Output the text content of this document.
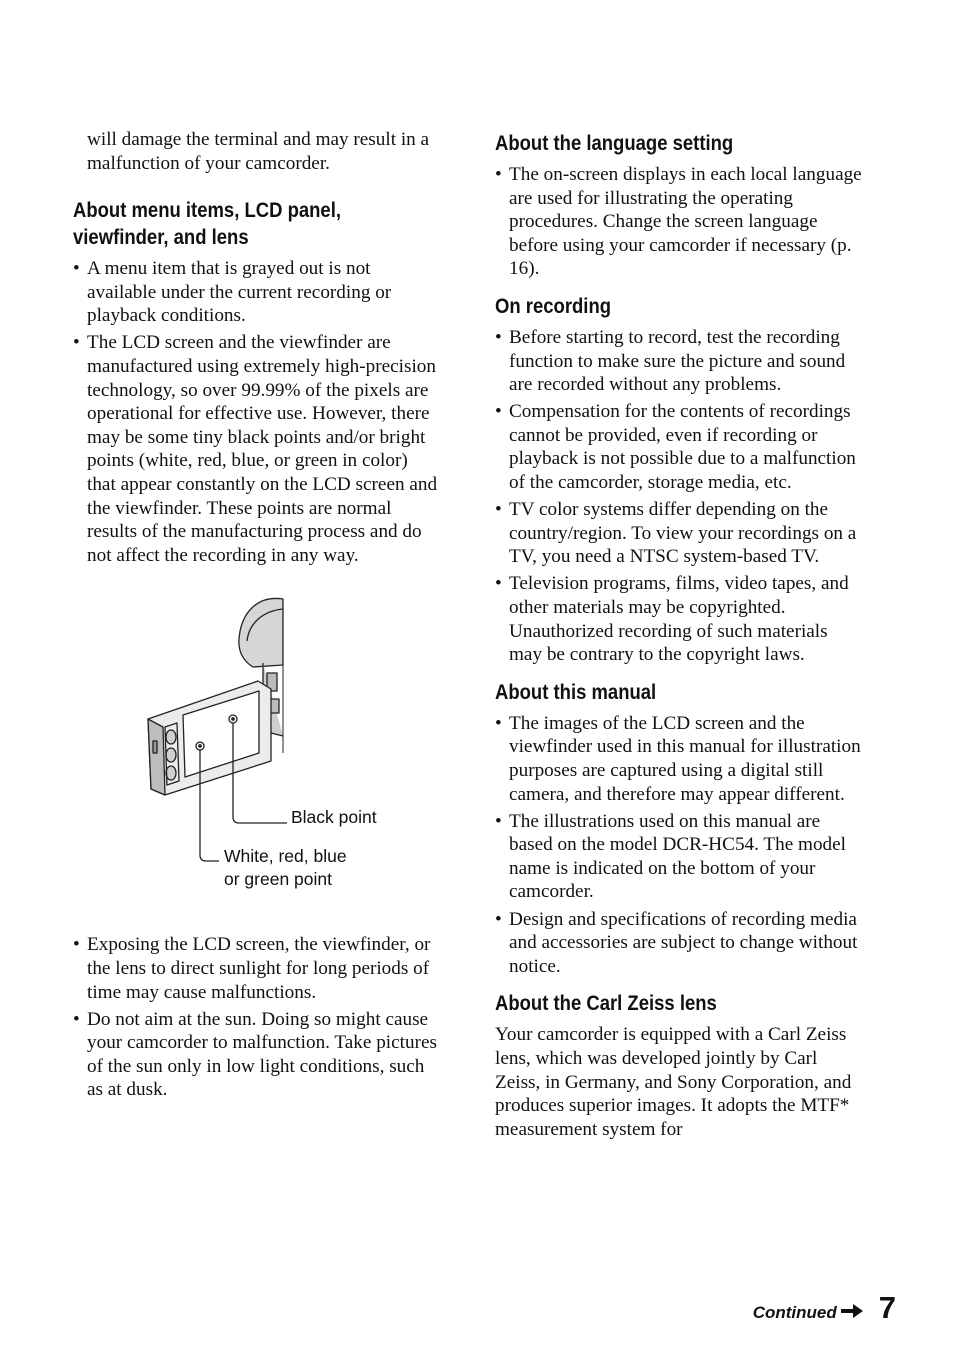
will damage the terminal and may result in a malfunction of your camcorder.

About menu items, LCD panel,
viewfinder, and lens
• A menu item that is grayed out is not available under the current recording or playback conditions.
• The LCD screen and the viewfinder are manufactured using extremely high-precision technology, so over 99.99% of the pixels are operational for effective use. However, there may be some tiny black points and/or bright points (white, red, blue, or green in color) that appear constantly on the LCD screen and the viewfinder. These points are normal results of the manufacturing process and do not affect the recording in any way.
Black point
White, red, blue
or green point
• Exposing the LCD screen, the viewfinder, or the lens to direct sunlight for long periods of time may cause malfunctions.
• Do not aim at the sun. Doing so might cause your camcorder to malfunction. Take pictures of the sun only in low light conditions, such as at dusk.
About the language setting
• The on-screen displays in each local language are used for illustrating the operating procedures. Change the screen language before using your camcorder if necessary (p. 16).
On recording
• Before starting to record, test the recording function to make sure the picture and sound are recorded without any problems.
• Compensation for the contents of recordings cannot be provided, even if recording or playback is not possible due to a malfunction of the camcorder, storage media, etc.
• TV color systems differ depending on the country/region. To view your recordings on a TV, you need a NTSC system-based TV.
• Television programs, films, video tapes, and other materials may be copyrighted. Unauthorized recording of such materials may be contrary to the copyright laws.
About this manual
• The images of the LCD screen and the viewfinder used in this manual for illustration purposes are captured using a digital still camera, and therefore may appear different.
• The illustrations used on this manual are based on the model DCR-HC54. The model name is indicated on the bottom of your camcorder.
• Design and specifications of recording media and accessories are subject to change without notice.
About the Carl Zeiss lens

Your camcorder is equipped with a Carl Zeiss lens, which was developed jointly by Carl Zeiss, in Germany, and Sony Corporation, and produces superior images. It adopts the MTF* measurement system for

Continued 7
